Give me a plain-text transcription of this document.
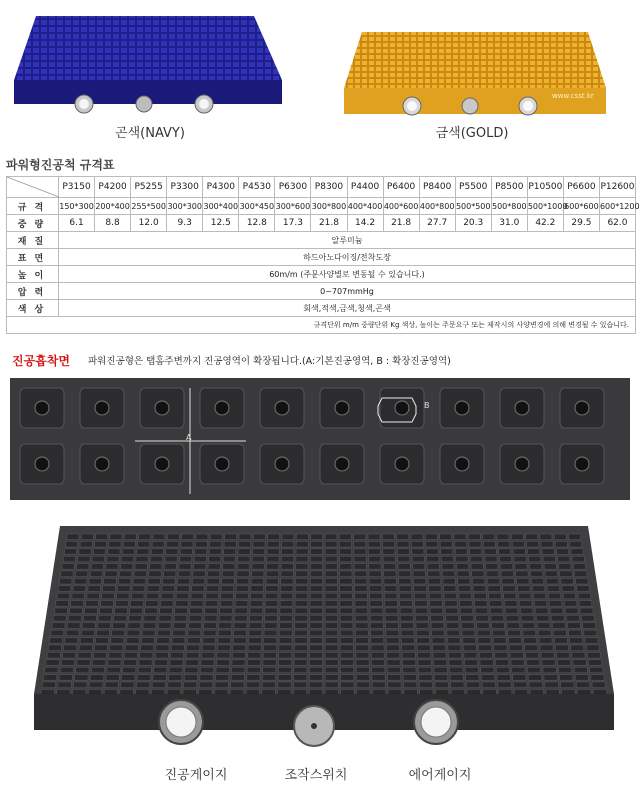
곤색(NAVY)
www.csst.kr
금색(GOLD)
파워형진공척 규격표
	P3150	P4200	P5255	P3300	P4300	P4530	P6300	P8300	P4400	P6400	P8400	P5500	P8500	P10500	P6600	P12600
규격	150*300	200*400	255*500	300*300	300*400	300*450	300*600	300*800	400*400	400*600	400*800	500*500	500*800	500*1000	600*600	600*1200
중량	6.1	8.8	12.0	9.3	12.5	12.8	17.3	21.8	14.2	21.8	27.7	20.3	31.0	42.2	29.5	62.0
재질	알루미늄															
표면	하드아노다이징/전착도장															
높이	60m/m (주문사양별로 변동될 수 있습니다.)															
압력	0~707mmHg															
색상	회색,적색,금색,청색,곤색															
규격단위 m/m 중량단위 Kg 색상, 높이는 주문요구 또는 제작시의 사양변경에 의해 변경될 수 있습니다.																
진공흡착면 파워진공형은 탭홈주변까지 진공영역이 확장됩니다.(A:기본진공영역, B : 확장진공영역)
A
B
진공게이지	조작스위치	에어게이지
